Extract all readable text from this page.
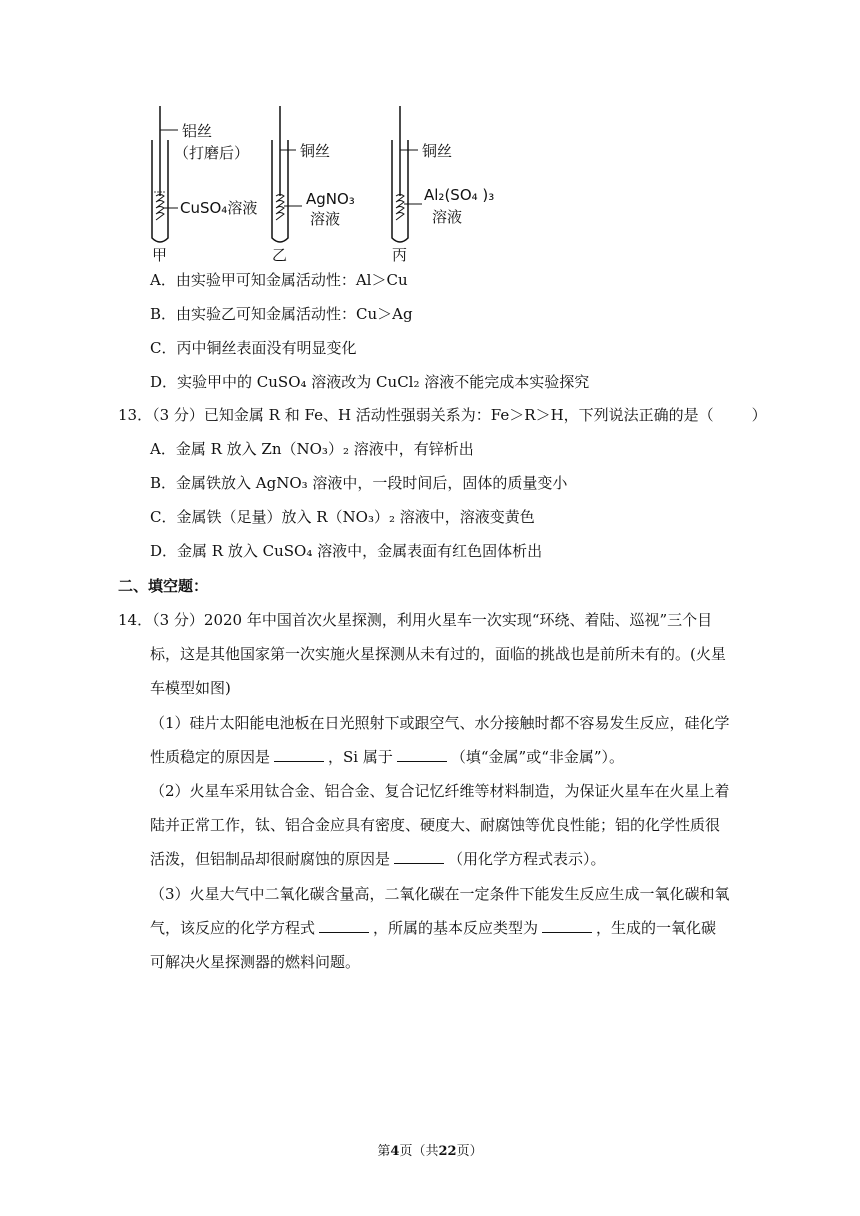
铝丝
（打磨后）
CuSO₄溶液
甲
铜丝
AgNO₃
溶液
乙
铜丝
Al₂(SO₄ )₃
溶液
丙
A．由实验甲可知金属活动性：Al＞Cu
B．由实验乙可知金属活动性：Cu＞Ag
C．丙中铜丝表面没有明显变化
D．实验甲中的 CuSO₄ 溶液改为 CuCl₂ 溶液不能完成本实验探究
13．（3 分）已知金属 R 和 Fe、H 活动性强弱关系为：Fe＞R＞H，下列说法正确的是（	）
A．金属 R 放入 Zn（NO₃）₂ 溶液中，有锌析出
B．金属铁放入 AgNO₃ 溶液中，一段时间后，固体的质量变小
C．金属铁（足量）放入 R（NO₃）₂ 溶液中，溶液变黄色
D．金属 R 放入 CuSO₄ 溶液中，金属表面有红色固体析出
二、填空题：
14．（3 分）2020 年中国首次火星探测，利用火星车一次实现“环绕、着陆、巡视”三个目
标，这是其他国家第一次实施火星探测从未有过的，面临的挑战也是前所未有的。(火星
车模型如图)
（1）硅片太阳能电池板在日光照射下或跟空气、水分接触时都不容易发生反应，硅化学
性质稳定的原因是	，Si 属于	（填“金属”或“非金属”）。
（2）火星车采用钛合金、铝合金、复合记忆纤维等材料制造，为保证火星车在火星上着
陆并正常工作，钛、铝合金应具有密度、硬度大、耐腐蚀等优良性能；铝的化学性质很
活泼，但铝制品却很耐腐蚀的原因是	（用化学方程式表示）。
（3）火星大气中二氧化碳含量高，二氧化碳在一定条件下能发生反应生成一氧化碳和氧
气，该反应的化学方程式	，所属的基本反应类型为	，生成的一氧化碳
可解决火星探测器的燃料问题。
第4页（共22页）
